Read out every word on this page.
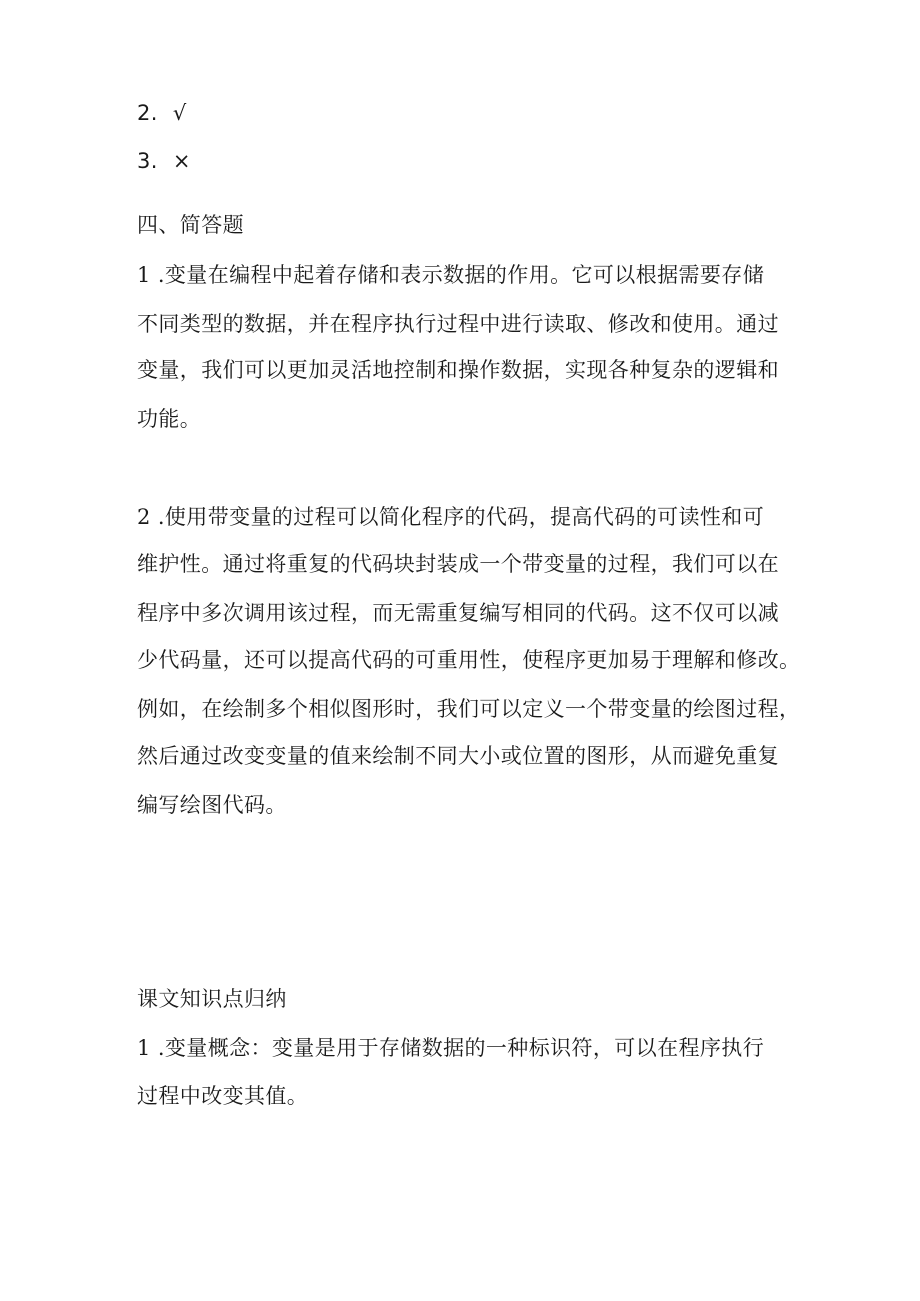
2. √
3. ×
四、简答题
1 .变量在编程中起着存储和表示数据的作用。它可以根据需要存储
不同类型的数据，并在程序执行过程中进行读取、修改和使用。通过
变量，我们可以更加灵活地控制和操作数据，实现各种复杂的逻辑和
功能。
2 .使用带变量的过程可以简化程序的代码，提高代码的可读性和可
维护性。通过将重复的代码块封装成一个带变量的过程，我们可以在
程序中多次调用该过程，而无需重复编写相同的代码。这不仅可以减
少代码量，还可以提高代码的可重用性，使程序更加易于理解和修改。
例如，在绘制多个相似图形时，我们可以定义一个带变量的绘图过程，
然后通过改变变量的值来绘制不同大小或位置的图形，从而避免重复
编写绘图代码。
课文知识点归纳
1 .变量概念：变量是用于存储数据的一种标识符，可以在程序执行
过程中改变其值。
